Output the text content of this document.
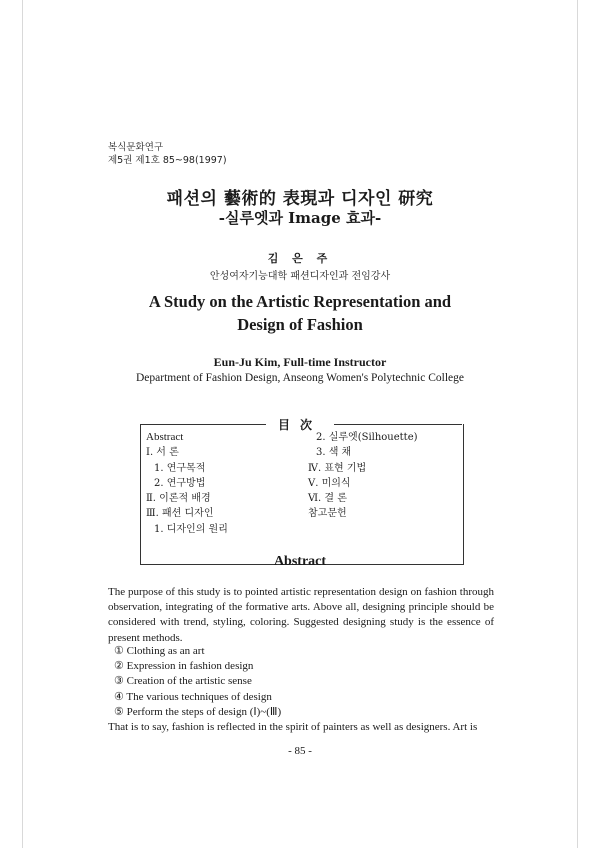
복식문화연구
제5권 제1호 85~98(1997)
패션의 藝術的 表現과 디자인 研究
-실루엣과 Image 효과-
김 은 주
안성여자기능대학 패션디자인과 전임강사
A Study on the Artistic Representation and
Design of Fashion
Eun-Ju Kim, Full-time Instructor
Department of Fashion Design, Anseong Women's Polytechnic College
目次
Abstract
Ⅰ. 서 론
1. 연구목적
2. 연구방법
Ⅱ. 이론적 배경
Ⅲ. 패션 디자인
1. 디자인의 원리
2. 실루엣(Silhouette)
3. 색 채
Ⅳ. 표현 기법
Ⅴ. 미의식
Ⅵ. 결 론
참고문헌
Abstract

The purpose of this study is to pointed artistic representation design on fashion through observation, integrating of the formative arts. Above all, designing principle should be considered with trend, styling, coloring. Suggested designing study is the essence of present methods.

① Clothing as an art
② Expression in fashion design
③ Creation of the artistic sense
④ The various techniques of design
⑤ Perform the steps of design (Ⅰ)~(Ⅲ)
That is to say, fashion is reflected in the spirit of painters as well as designers. Art is
- 85 -
